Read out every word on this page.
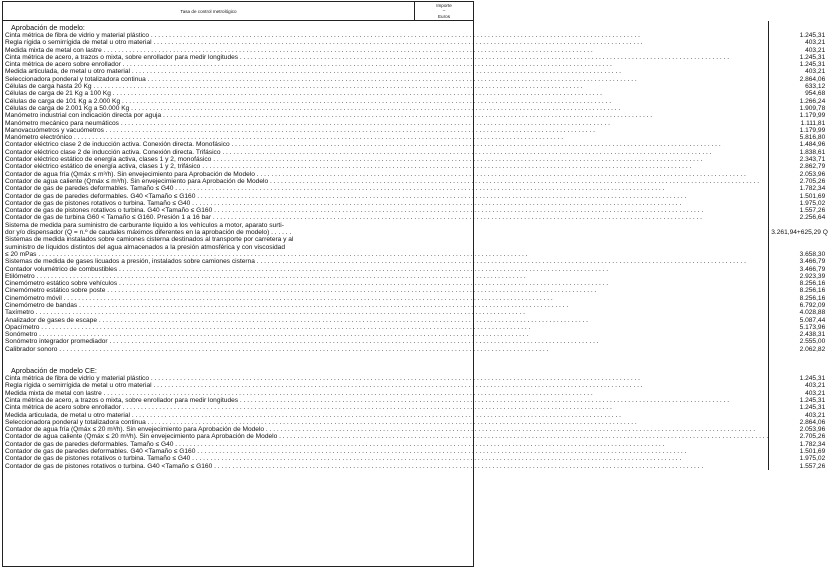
Tasa de control metrológico
Importe
–
Euros
Aprobación de modelo:
Cinta métrica de fibra de vidrio y material plástico . . .
Regla rígida o semirrígida de metal u otro material . . .
Medida mixta de metal con lastre . . .
Cinta métrica de acero, a trazos o mixta, sobre enrollador para medir longitudes . . .
Cinta métrica de acero sobre enrollador . . .
Medida articulada, de metal u otro material . . .
Seleccionadora ponderal y totalizadora continua . . .
Células de carga hasta 20 Kg . . .
Células de carga de 21 Kg a 100 Kg . . .
Células de carga de 101 Kg a 2.000 Kg . . .
Células de carga de 2.001 Kg a 50.000 Kg . . .
Manómetro industrial con indicación directa por aguja . . .
Manómetro mecánico para neumáticos . . .
Manovacuómetros y vacuómetros . . .
Manómetro electrónico . . .
Contador eléctrico clase 2 de inducción activa. Conexión directa. Monofásico . . .
Contador eléctrico clase 2 de inducción activa. Conexión directa. Trifásico . . .
Contador eléctrico estático de energía activa, clases 1 y 2, monofásico . . .
Contador eléctrico estático de energía activa, clases 1 y 2, trifásico . . .
Contador de agua fría (Qmáx ≤ m³/h). Sin envejecimiento para Aprobación de Modelo . . .
Contador de agua caliente (Qmáx ≤ m³/h). Sin envejecimiento para Aprobación de Modelo . . .
Contador de gas de paredes deformables. Tamaño ≤ G40 . . .
Contador de gas de paredes deformables. G40 <Tamaño ≤ G160 . . .
Contador de gas de pistones rotativos o turbina. Tamaño ≤ G40 . . .
Contador de gas de pistones rotativos o turbina. G40 <Tamaño ≤ G160 . . .
Contador de gas de turbina G60 < Tamaño ≤ G160. Presión 1 a 16 bar . . .
Sistema de medida para suministro de carburante líquido a los vehículos a motor, aparato surti-
dor y/o dispensador (Q = n.º de caudales máximos diferentes en la aprobación de modelo) . . . . . .
Sistemas de medida instalados sobre camiones cisterna destinados al transporte por carretera y al
suministro de líquidos distintos del agua almacenados a la presión atmosférica y con viscosidad
≤ 20 mPas . . .
Sistemas de medida de gases licuados a presión, instalados sobre camiones cisterna . . .
Contador volumétrico de combustibles . . .
Etilómetro . . .
Cinemómetro estático sobre vehículos . . .
Cinemómetro estático sobre poste . . .
Cinemómetro móvil . . .
Cinemómetro de bandas . . .
Taxímetro . . .
Analizador de gases de escape . . .
Opacímetro . . .
Sonómetro . . .
Sonómetro integrador promediador . . .
Calibrador sonoro . . .
Aprobación de modelo CE:
Cinta métrica de fibra de vidrio y material plástico . . .
Regla rígida o semirrígida de metal u otro material . . .
Medida mixta de metal con lastre . . .
Cinta métrica de acero, a trazos o mixta, sobre enrollador para medir longitudes . . .
Cinta métrica de acero sobre enrollador . . .
Medida articulada, de metal u otro material . . .
Seleccionadora ponderal y totalizadora continua . . .
Contador de agua fría (Qmáx ≤ 20 m³/h). Sin envejecimiento para Aprobación de Modelo . . .
Contador de agua caliente (Qmáx ≤ 20 m³/h). Sin envejecimiento para Aprobación de Modelo . . .
Contador de gas de paredes deformables. Tamaño ≤ G40 . . .
Contador de gas de paredes deformables. G40 <Tamaño ≤ G160 . . .
Contador de gas de pistones rotativos o turbina. Tamaño ≤ G40 . . .
Contador de gas de pistones rotativos o turbina. G40 <Tamaño ≤ G160 . . .
1.245,31
403,21
403,21
1.245,31
1.245,31
403,21
2.864,06
633,12
954,68
1.266,24
1.909,78
1.179,99
1.111,81
1.179,99
5.816,80
1.484,96
1.838,61
2.343,71
2.862,79
2.053,96
2.705,26
1.782,34
1.501,69
1.975,02
1.557,26
2.256,64
3.261,94+625,29 Q
3.658,30
3.466,79
3.466,79
2.923,39
8.256,16
8.256,16
8.256,16
6.792,09
4.028,88
5.087,44
5.173,96
2.438,31
2.555,00
2.062,82
1.245,31
403,21
403,21
1.245,31
1.245,31
403,21
2.864,06
2.053,96
2.705,26
1.782,34
1.501,69
1.975,02
1.557,26
